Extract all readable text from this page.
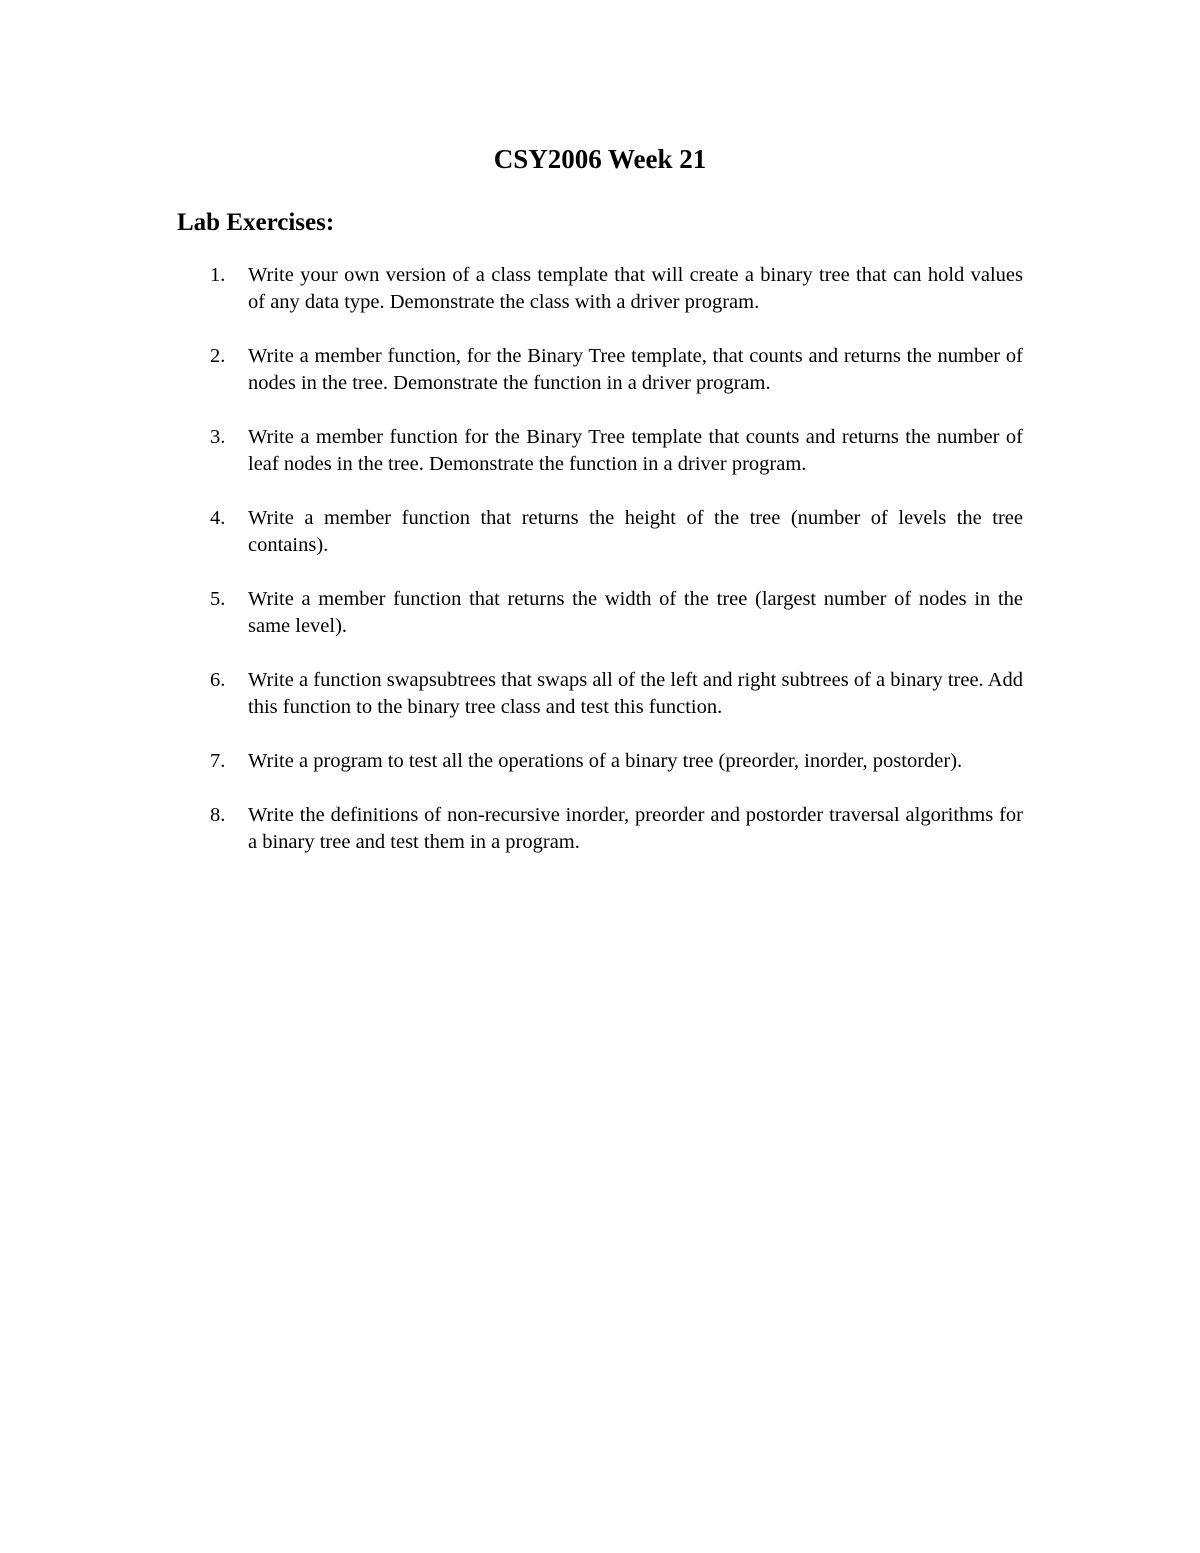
CSY2006 Week 21
Lab Exercises:
1. Write your own version of a class template that will create a binary tree that can hold values of any data type. Demonstrate the class with a driver program.
2. Write a member function, for the Binary Tree template, that counts and returns the number of nodes in the tree. Demonstrate the function in a driver program.
3. Write a member function for the Binary Tree template that counts and returns the number of leaf nodes in the tree. Demonstrate the function in a driver program.
4. Write a member function that returns the height of the tree (number of levels the tree contains).
5. Write a member function that returns the width of the tree (largest number of nodes in the same level).
6. Write a function swapsubtrees that swaps all of the left and right subtrees of a binary tree. Add this function to the binary tree class and test this function.
7. Write a program to test all the operations of a binary tree (preorder, inorder, postorder).
8. Write the definitions of non-recursive inorder, preorder and postorder traversal algorithms for a binary tree and test them in a program.
